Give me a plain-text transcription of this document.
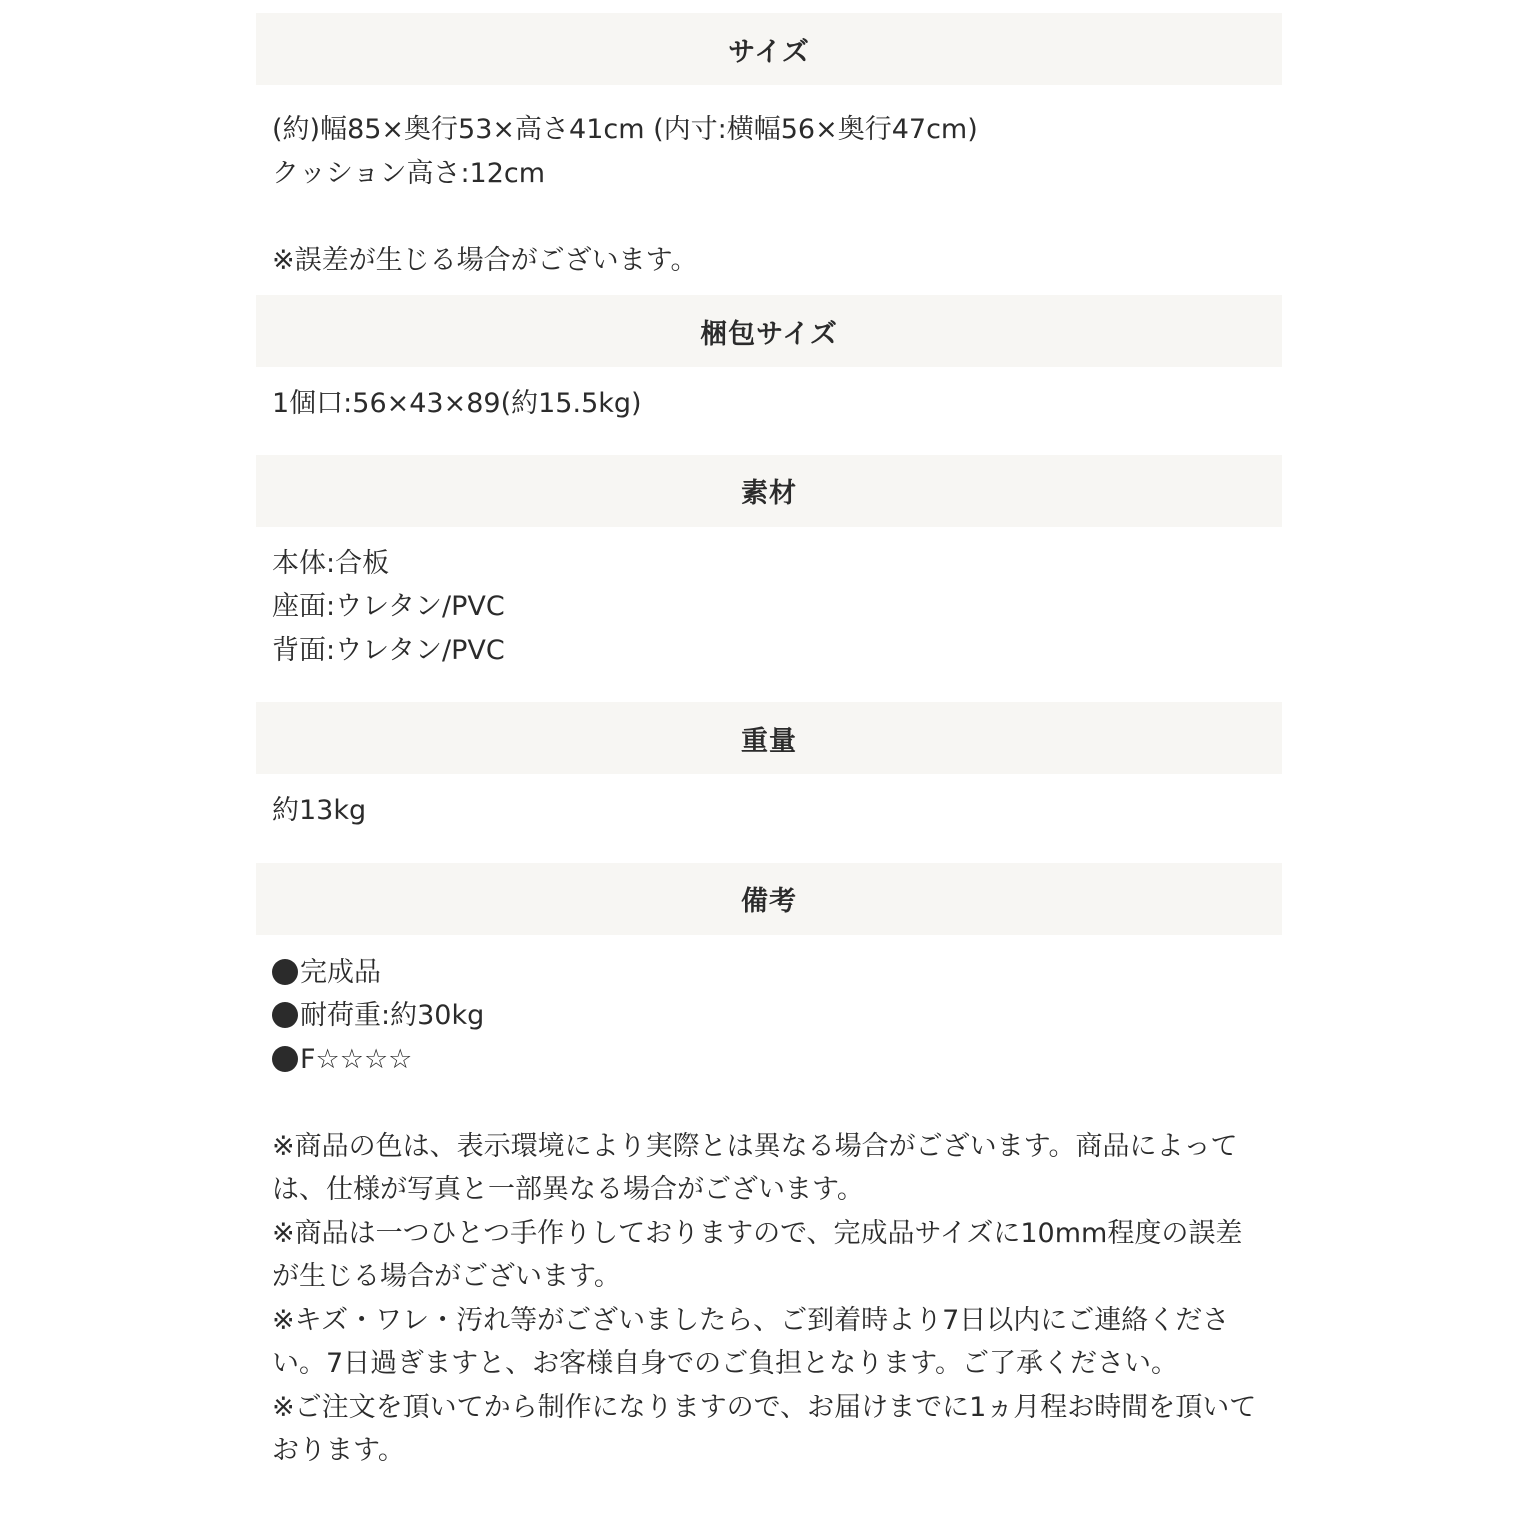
サイズ
(約)幅85×奥行53×高さ41cm (内寸:横幅56×奥行47cm)
クッション高さ:12cm
※誤差が生じる場合がございます。
梱包サイズ
1個口:56×43×89(約15.5kg)
素材
本体:合板
座面:ウレタン/PVC
背面:ウレタン/PVC
重量
約13kg
備考
完成品
耐荷重:約30kg
F☆☆☆☆
※商品の色は、表示環境により実際とは異なる場合がございます。商品によっては、仕様が写真と一部異なる場合がございます。
※商品は一つひとつ手作りしておりますので、完成品サイズに10mm程度の誤差が生じる場合がございます。
※キズ・ワレ・汚れ等がございましたら、ご到着時より7日以内にご連絡ください。7日過ぎますと、お客様自身でのご負担となります。ご了承ください。
※ご注文を頂いてから制作になりますので、お届けまでに1ヵ月程お時間を頂いております。
